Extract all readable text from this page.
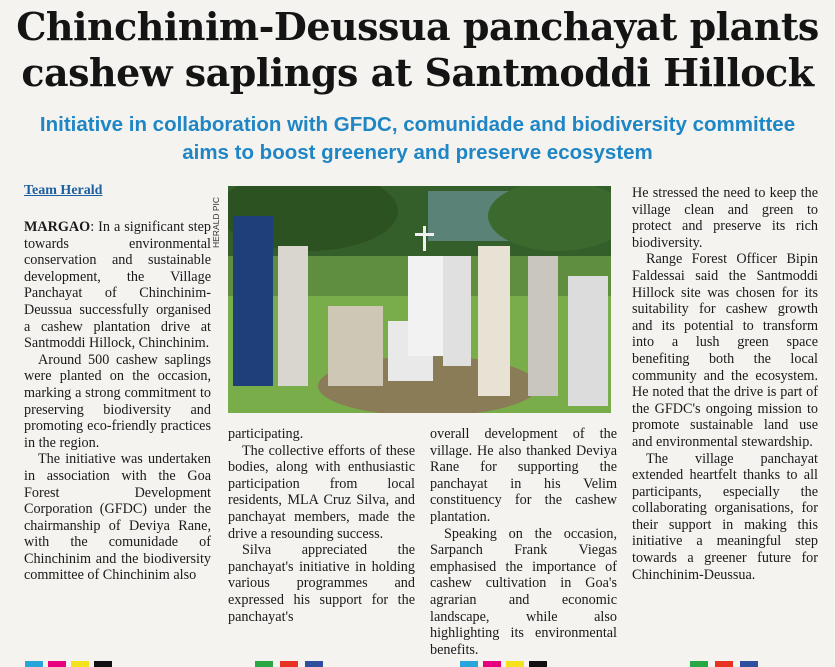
Chinchinim-Deussua panchayat plants
cashew saplings at Santmoddi Hillock
Initiative in collaboration with GFDC, comunidade and biodiversity committee
aims to boost greenery and preserve ecosystem
Team Herald

MARGAO: In a significant step towards environmental conservation and sustainable development, the Village Panchayat of Chinchinim-Deussua successfully organised a cashew plantation drive at Santmoddi Hillock, Chinchinim.

Around 500 cashew saplings were planted on the occasion, marking a strong commitment to preserving biodiversity and promoting eco-friendly practices in the region.

The initiative was undertaken in association with the Goa Forest Development Corporation (GFDC) under the chairmanship of Deviya Rane, with the comunidade of Chinchinim and the biodiversity committee of Chinchinim also

HERALD PIC

participating.

The collective efforts of these bodies, along with enthusiastic participation from local residents, MLA Cruz Silva, and panchayat members, made the drive a resounding success.

Silva appreciated the panchayat's initiative in holding various programmes and expressed his support for the panchayat's

overall development of the village. He also thanked Deviya Rane for supporting the panchayat in his Velim constituency for the cashew plantation.

Speaking on the occasion, Sarpanch Frank Viegas emphasised the importance of cashew cultivation in Goa's agrarian and economic landscape, while also highlighting its environmental benefits.

He stressed the need to keep the village clean and green to protect and preserve its rich biodiversity.

Range Forest Officer Bipin Faldessai said the Santmoddi Hillock site was chosen for its suitability for cashew growth and its potential to transform into a lush green space benefiting both the local community and the ecosystem. He noted that the drive is part of the GFDC's ongoing mission to promote sustainable land use and environmental stewardship.

The village panchayat extended heartfelt thanks to all participants, especially the collaborating organisations, for their support in making this initiative a meaningful step towards a greener future for Chinchinim-Deussua.
